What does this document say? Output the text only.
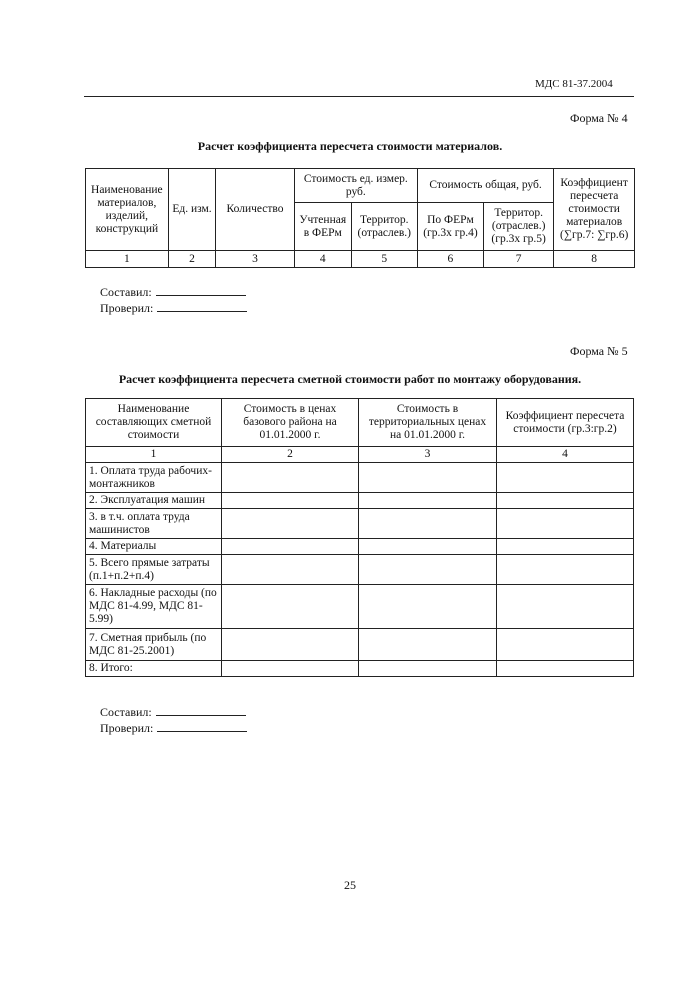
МДС 81-37.2004
Форма № 4
Расчет коэффициента пересчета стоимости материалов.
Наименование материалов, изделий, конструкций	Ед. изм.	Количество	Стоимость ед. измер. руб.		Стоимость общая, руб.		Коэффициент пересчета стоимости материалов (∑гр.7: ∑гр.6)
			Учтенная в ФЕРм	Территор. (отраслев.)	По ФЕРм (гр.3х гр.4)	Территор. (отраслев.) (гр.3х гр.5)	
1	2	3	4	5	6	7	8
Составил:
Проверил:
Форма № 5
Расчет коэффициента пересчета сметной стоимости работ по монтажу оборудования.
Наименование составляющих сметной стоимости	Стоимость в ценах базового района на 01.01.2000 г.	Стоимость в территориальных ценах на 01.01.2000 г.	Коэффициент пересчета стоимости (гр.3:гр.2)
1	2	3	4
1. Оплата труда рабочих-монтажников			
2. Эксплуатация машин			
3. в т.ч. оплата труда машинистов			
4. Материалы			
5. Всего прямые затраты (п.1+п.2+п.4)			
6. Накладные расходы (по МДС 81-4.99, МДС 81-5.99)			
7. Сметная прибыль (по МДС 81-25.2001)			
8. Итого:			
Составил:
Проверил:
25
